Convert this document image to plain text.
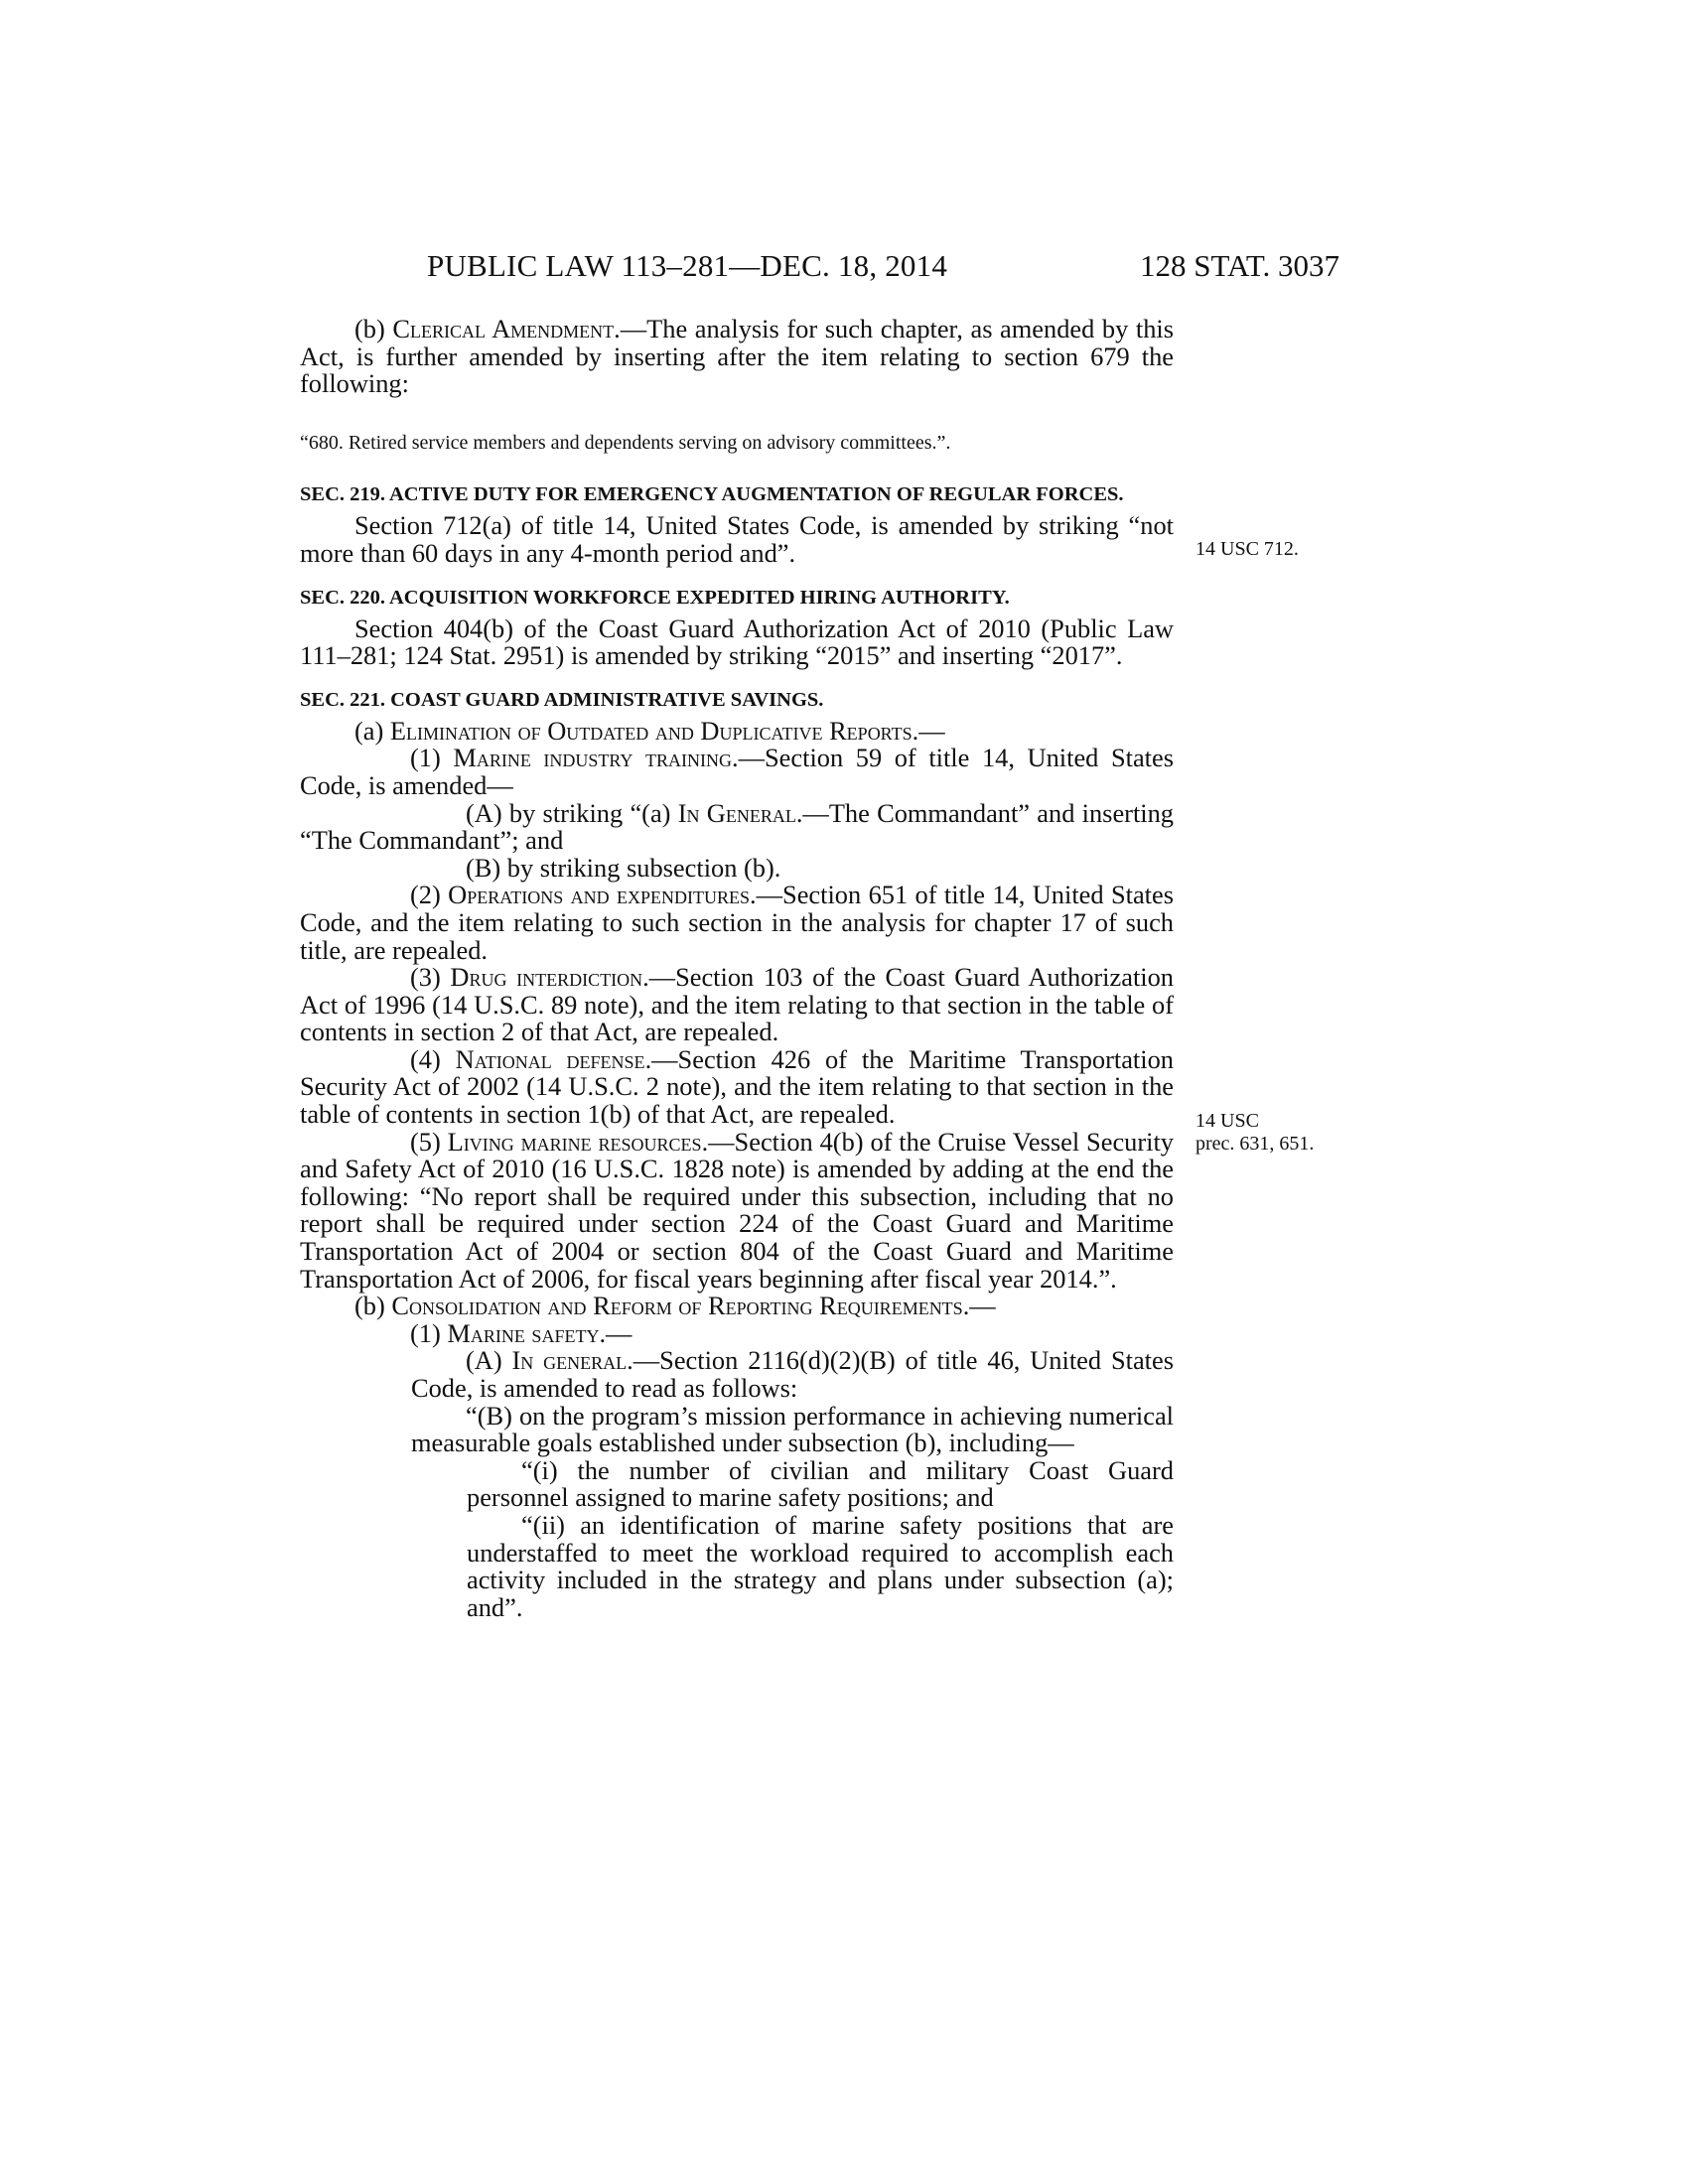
PUBLIC LAW 113–281—DEC. 18, 2014	128 STAT. 3037
14 USC 712.
14 USC
prec. 631, 651.

(b) Clerical Amendment.—The analysis for such chapter, as amended by this Act, is further amended by inserting after the item relating to section 679 the following:

“680. Retired service members and dependents serving on advisory committees.”.

SEC. 219. ACTIVE DUTY FOR EMERGENCY AUGMENTATION OF REGULAR FORCES.

Section 712(a) of title 14, United States Code, is amended by striking “not more than 60 days in any 4-month period and”.

SEC. 220. ACQUISITION WORKFORCE EXPEDITED HIRING AUTHORITY.

Section 404(b) of the Coast Guard Authorization Act of 2010 (Public Law 111–281; 124 Stat. 2951) is amended by striking “2015” and inserting “2017”.

SEC. 221. COAST GUARD ADMINISTRATIVE SAVINGS.

(a) Elimination of Outdated and Duplicative Reports.—

(1) Marine industry training.—Section 59 of title 14, United States Code, is amended—

(A) by striking “(a) In General.—The Commandant” and inserting “The Commandant”; and

(B) by striking subsection (b).

(2) Operations and expenditures.—Section 651 of title 14, United States Code, and the item relating to such section in the analysis for chapter 17 of such title, are repealed.

(3) Drug interdiction.—Section 103 of the Coast Guard Authorization Act of 1996 (14 U.S.C. 89 note), and the item relating to that section in the table of contents in section 2 of that Act, are repealed.

(4) National defense.—Section 426 of the Maritime Transportation Security Act of 2002 (14 U.S.C. 2 note), and the item relating to that section in the table of contents in section 1(b) of that Act, are repealed.

(5) Living marine resources.—Section 4(b) of the Cruise Vessel Security and Safety Act of 2010 (16 U.S.C. 1828 note) is amended by adding at the end the following: “No report shall be required under this subsection, including that no report shall be required under section 224 of the Coast Guard and Maritime Transportation Act of 2004 or section 804 of the Coast Guard and Maritime Transportation Act of 2006, for fiscal years beginning after fiscal year 2014.”.

(b) Consolidation and Reform of Reporting Requirements.—

(1) Marine safety.—

(A) In general.—Section 2116(d)(2)(B) of title 46, United States Code, is amended to read as follows:

“(B) on the program’s mission performance in achieving numerical measurable goals established under subsection (b), including—

“(i) the number of civilian and military Coast Guard personnel assigned to marine safety positions; and

“(ii) an identification of marine safety positions that are understaffed to meet the workload required to accomplish each activity included in the strategy and plans under subsection (a); and”.
